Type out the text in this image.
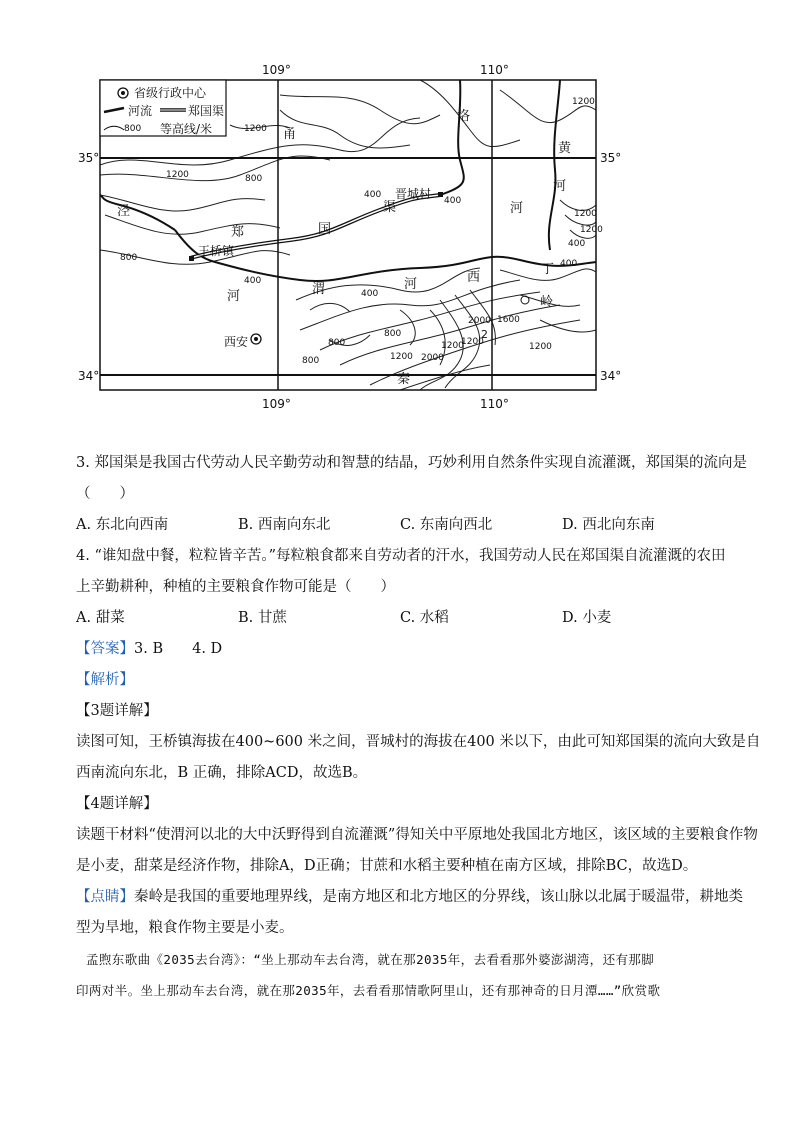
省级行政中心
河流	郑国渠
800 等高线/米
109°	110°
109°	110°
35°	35°
34°	34°
王桥镇
晋城村
西安
泾
郑	国
渠
河	渭	河
洛
黄
河
河
西
秦
岭
丁
甬
2
1200
1200	800
800
400
400
400
400
400
1200
1200
1200
800
800
2000 1600
1200
800	2000
1200
1200
400
1200
3. 郑国渠是我国古代劳动人民辛勤劳动和智慧的结晶，巧妙利用自然条件实现自流灌溉，郑国渠的流向是
（　　）
A. 东北向西南	B. 西南向东北	C. 东南向西北	D. 西北向东南
4. “谁知盘中餐，粒粒皆辛苦。”每粒粮食都来自劳动者的汗水，我国劳动人民在郑国渠自流灌溉的农田
上辛勤耕种，种植的主要粮食作物可能是（　　）
A. 甜菜	B. 甘蔗	C. 水稻	D. 小麦
【答案】3. B　　4. D
【解析】
【3题详解】
读图可知，王桥镇海拔在400~600 米之间，晋城村的海拔在400 米以下，由此可知郑国渠的流向大致是自
西南流向东北，B 正确，排除ACD，故选B。
【4题详解】
读题干材料“使渭河以北的大中沃野得到自流灌溉”得知关中平原地处我国北方地区，该区域的主要粮食作物
是小麦，甜菜是经济作物，排除A，D正确；甘蔗和水稻主要种植在南方区域，排除BC，故选D。
【点睛】秦岭是我国的重要地理界线，是南方地区和北方地区的分界线，该山脉以北属于暖温带，耕地类
型为旱地，粮食作物主要是小麦。
孟煦东歌曲《2035去台湾》：“坐上那动车去台湾，就在那2035年，去看看那外婆澎湖湾，还有那脚
印两对半。坐上那动车去台湾，就在那2035年，去看看那情歌阿里山，还有那神奇的日月潭……”欣赏歌
